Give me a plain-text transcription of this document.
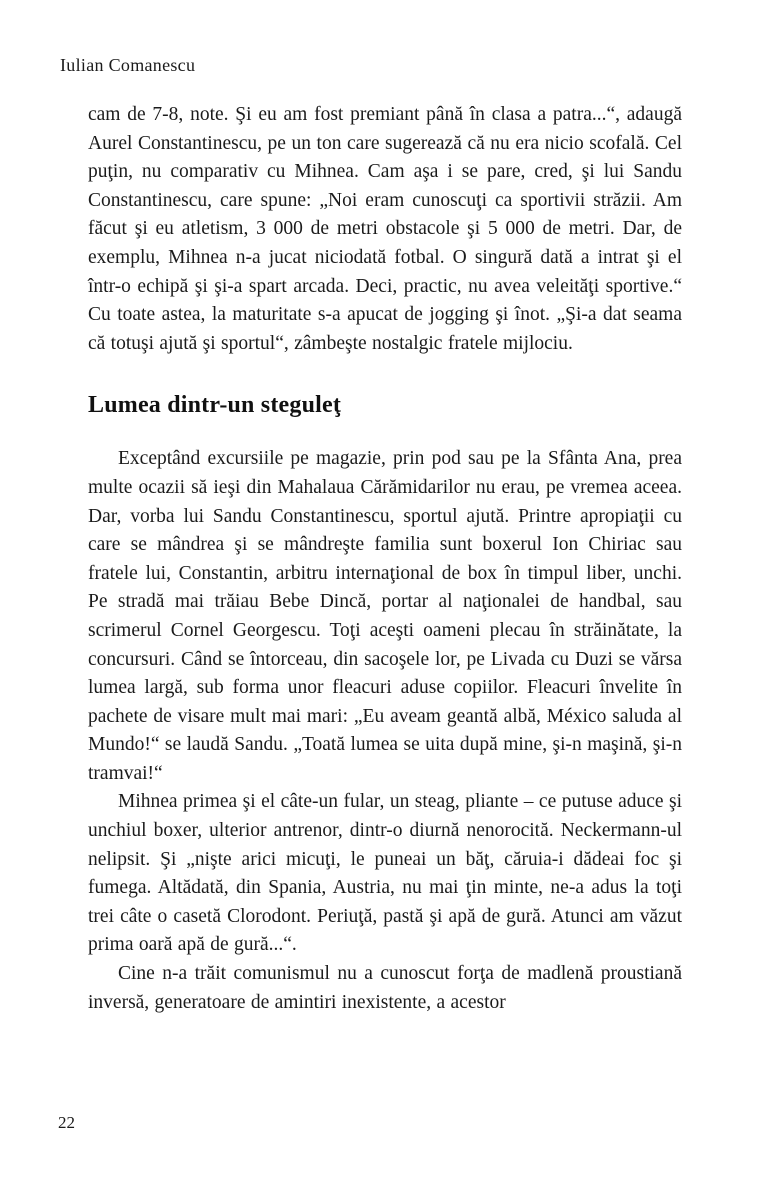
Iulian Comanescu

cam de 7-8, note. Şi eu am fost premiant până în clasa a patra...“, adaugă Aurel Constantinescu, pe un ton care sugerează că nu era nicio scofală. Cel puţin, nu comparativ cu Mihnea. Cam aşa i se pare, cred, şi lui Sandu Constantinescu, care spune: „Noi eram cunoscuţi ca sportivii străzii. Am făcut şi eu atletism, 3 000 de metri obstacole şi 5 000 de metri. Dar, de exemplu, Mihnea n-a jucat niciodată fotbal. O singură dată a intrat şi el într-o echipă şi şi-a spart arcada. Deci, practic, nu avea veleităţi sportive.“ Cu toate astea, la maturitate s-a apucat de jogging şi înot. „Şi-a dat seama că totuşi ajută şi sportul“, zâmbeşte nostalgic fratele mijlociu.

Lumea dintr-un steguleţ

Exceptând excursiile pe magazie, prin pod sau pe la Sfânta Ana, prea multe ocazii să ieşi din Mahalaua Cărămidarilor nu erau, pe vremea aceea. Dar, vorba lui Sandu Constantinescu, sportul ajută. Printre apropiaţii cu care se mândrea şi se mândreşte familia sunt boxerul Ion Chiriac sau fratele lui, Constantin, arbitru internaţional de box în timpul liber, unchi. Pe stradă mai trăiau Bebe Dincă, portar al naţionalei de handbal, sau scrimerul Cornel Georgescu. Toţi aceşti oameni plecau în străinătate, la concursuri. Când se întorceau, din sacoşele lor, pe Livada cu Duzi se vărsa lumea largă, sub forma unor fleacuri aduse copiilor. Fleacuri învelite în pachete de visare mult mai mari: „Eu aveam geantă albă, México saluda al Mundo!“ se laudă Sandu. „Toată lumea se uita după mine, şi-n maşină, şi-n tramvai!“

Mihnea primea şi el câte-un fular, un steag, pliante – ce putuse aduce şi unchiul boxer, ulterior antrenor, dintr-o diurnă nenorocită. Neckermann-ul nelipsit. Şi „nişte arici micuţi, le puneai un băţ, căruia-i dădeai foc şi fumega. Altădată, din Spania, Austria, nu mai ţin minte, ne-a adus la toţi trei câte o casetă Clorodont. Periuţă, pastă şi apă de gură. Atunci am văzut prima oară apă de gură...“.

Cine n-a trăit comunismul nu a cunoscut forţa de madlenă proustiană inversă, generatoare de amintiri inexistente, a acestor

22
